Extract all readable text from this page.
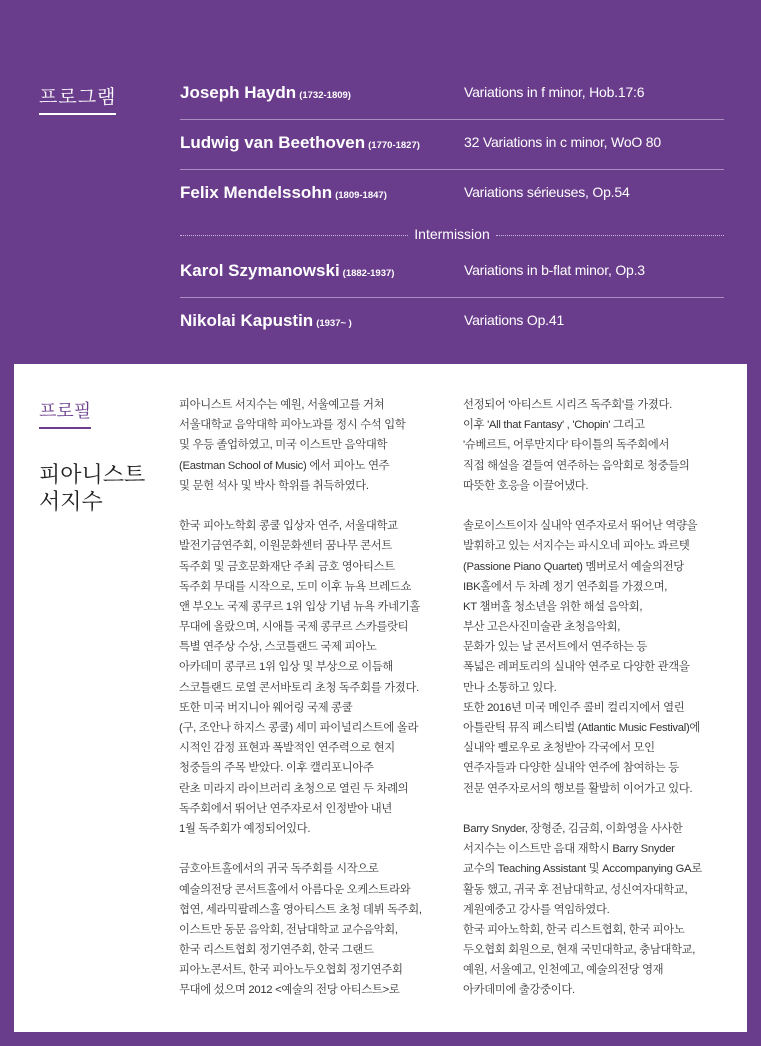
프로그램	Joseph Haydn (1732-1809)	Variations in f minor, Hob.17:6
Ludwig van Beethoven (1770-1827)	32 Variations in c minor, WoO 80
Felix Mendelssohn (1809-1847)	Variations sérieuses, Op.54
Intermission
Karol Szymanowski (1882-1937)	Variations in b-flat minor, Op.3
Nikolai Kapustin (1937~ )	Variations Op.41
프로필
피아니스트
서지수
피아니스트 서지수는 예원, 서울예고를 거쳐
서울대학교 음악대학 피아노과를 정시 수석 입학
및 우등 졸업하였고, 미국 이스트만 음악대학
(Eastman School of Music) 에서 피아노 연주
및 문헌 석사 및 박사 학위를 취득하였다.
한국 피아노학회 콩쿨 입상자 연주, 서울대학교
발전기금연주회, 이원문화센터 꿈나무 콘서트
독주회 및 금호문화재단 주최 금호 영아티스트
독주회 무대를 시작으로, 도미 이후 뉴욕 브레드쇼
앤 부오노 국제 콩쿠르 1위 입상 기념 뉴욕 카네기홀
무대에 올랐으며, 시애틀 국제 콩쿠르 스카를랏티
특별 연주상 수상, 스코틀랜드 국제 피아노
아카데미 콩쿠르 1위 입상 및 부상으로 이듬해
스코틀랜드 로열 콘서바토리 초청 독주회를 가졌다.
또한 미국 버지니아 웨어링 국제 콩쿨
(구, 조안나 하지스 콩쿨) 세미 파이널리스트에 올라
시적인 감정 표현과 폭발적인 연주력으로 현지
청중들의 주목 받았다. 이후 캘리포니아주
란초 미라지 라이브러리 초청으로 열린 두 차례의
독주회에서 뛰어난 연주자로서 인정받아 내년
1월 독주회가 예정되어있다.
금호아트홀에서의 귀국 독주회를 시작으로
예술의전당 콘서트홀에서 아름다운 오케스트라와
협연, 세라믹팔레스홀 영아티스트 초청 데뷔 독주회,
이스트만 동문 음악회, 전남대학교 교수음악회,
한국 리스트협회 정기연주회, 한국 그랜드
피아노콘서트, 한국 피아노두오협회 정기연주회
무대에 섰으며 2012 <예술의 전당 아티스트>로
선정되어 '아티스트 시리즈 독주회'를 가졌다.
이후 'All that Fantasy' , 'Chopin' 그리고
'슈베르트, 어루만지다' 타이틀의 독주회에서
직접 해설을 곁들여 연주하는 음악회로 청중들의
따뜻한 호응을 이끌어냈다.
솔로이스트이자 실내악 연주자로서 뛰어난 역량을
발휘하고 있는 서지수는 파시오네 피아노 콰르텟
(Passione Piano Quartet) 멤버로서 예술의전당
IBK홀에서 두 차례 정기 연주회를 가졌으며,
KT 챔버홀 청소년을 위한 해설 음악회,
부산 고은사진미술관 초청음악회,
문화가 있는 날 콘서트에서 연주하는 등
폭넓은 레퍼토리의 실내악 연주로 다양한 관객을
만나 소통하고 있다.
또한 2016년 미국 메인주 콜비 컬리지에서 열린
아틀란틱 뮤직 페스티벌 (Atlantic Music Festival)에
실내악 펠로우로 초청받아 각국에서 모인
연주자들과 다양한 실내악 연주에 참여하는 등
전문 연주자로서의 행보를 활발히 이어가고 있다.
Barry Snyder, 장형준, 김금희, 이화영을 사사한
서지수는 이스트만 음대 재학시 Barry Snyder
교수의 Teaching Assistant 및 Accompanying GA로
활동 했고, 귀국 후 전남대학교, 성신여자대학교,
계원예중고 강사를 역임하였다.
한국 피아노학회, 한국 리스트협회, 한국 피아노
두오협회 회원으로, 현재 국민대학교, 충남대학교,
예원, 서울예고, 인천예고, 예술의전당 영재
아카데미에 출강중이다.
